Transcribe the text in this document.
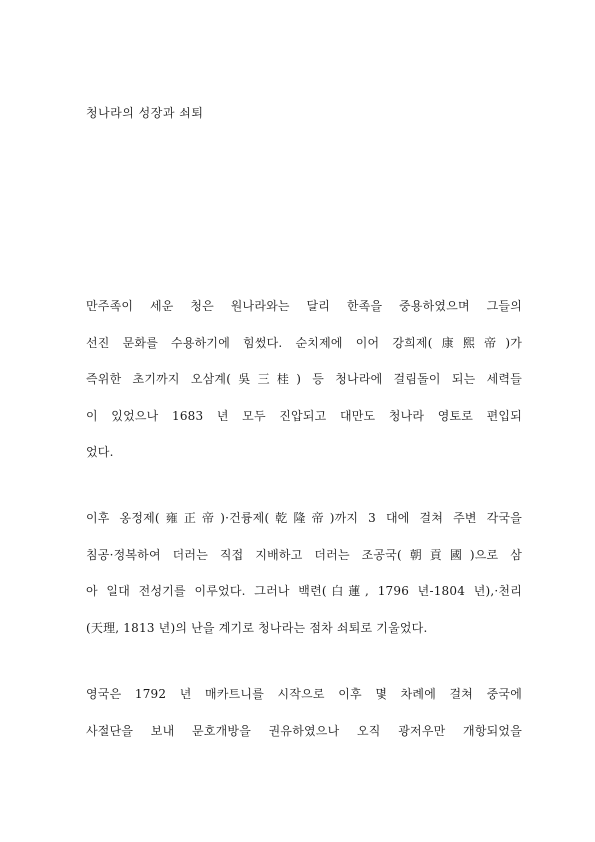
청나라의 성장과 쇠퇴
만주족이 세운 청은 원나라와는 달리 한족을 중용하였으며 그들의
선진 문화를 수용하기에 힘썼다. 순치제에 이어 강희제(康熙帝)가
즉위한 초기까지 오삼계(吳三桂) 등 청나라에 걸림돌이 되는 세력들
이 있었으나 1683 년 모두 진압되고 대만도 청나라 영토로 편입되
었다.
이후 옹정제(雍正帝)·건륭제(乾隆帝)까지 3 대에 걸쳐 주변 각국을
침공·정복하여 더러는 직접 지배하고 더러는 조공국(朝貢國)으로 삼
아 일대 전성기를 이루었다. 그러나 백련(白蓮, 1796 년-1804 년),·천리
(天理, 1813 년)의 난을 계기로 청나라는 점차 쇠퇴로 기울었다.
영국은 1792 년 매카트니를 시작으로 이후 몇 차례에 걸쳐 중국에
사절단을 보내 문호개방을 권유하였으나 오직 광저우만 개항되었을
